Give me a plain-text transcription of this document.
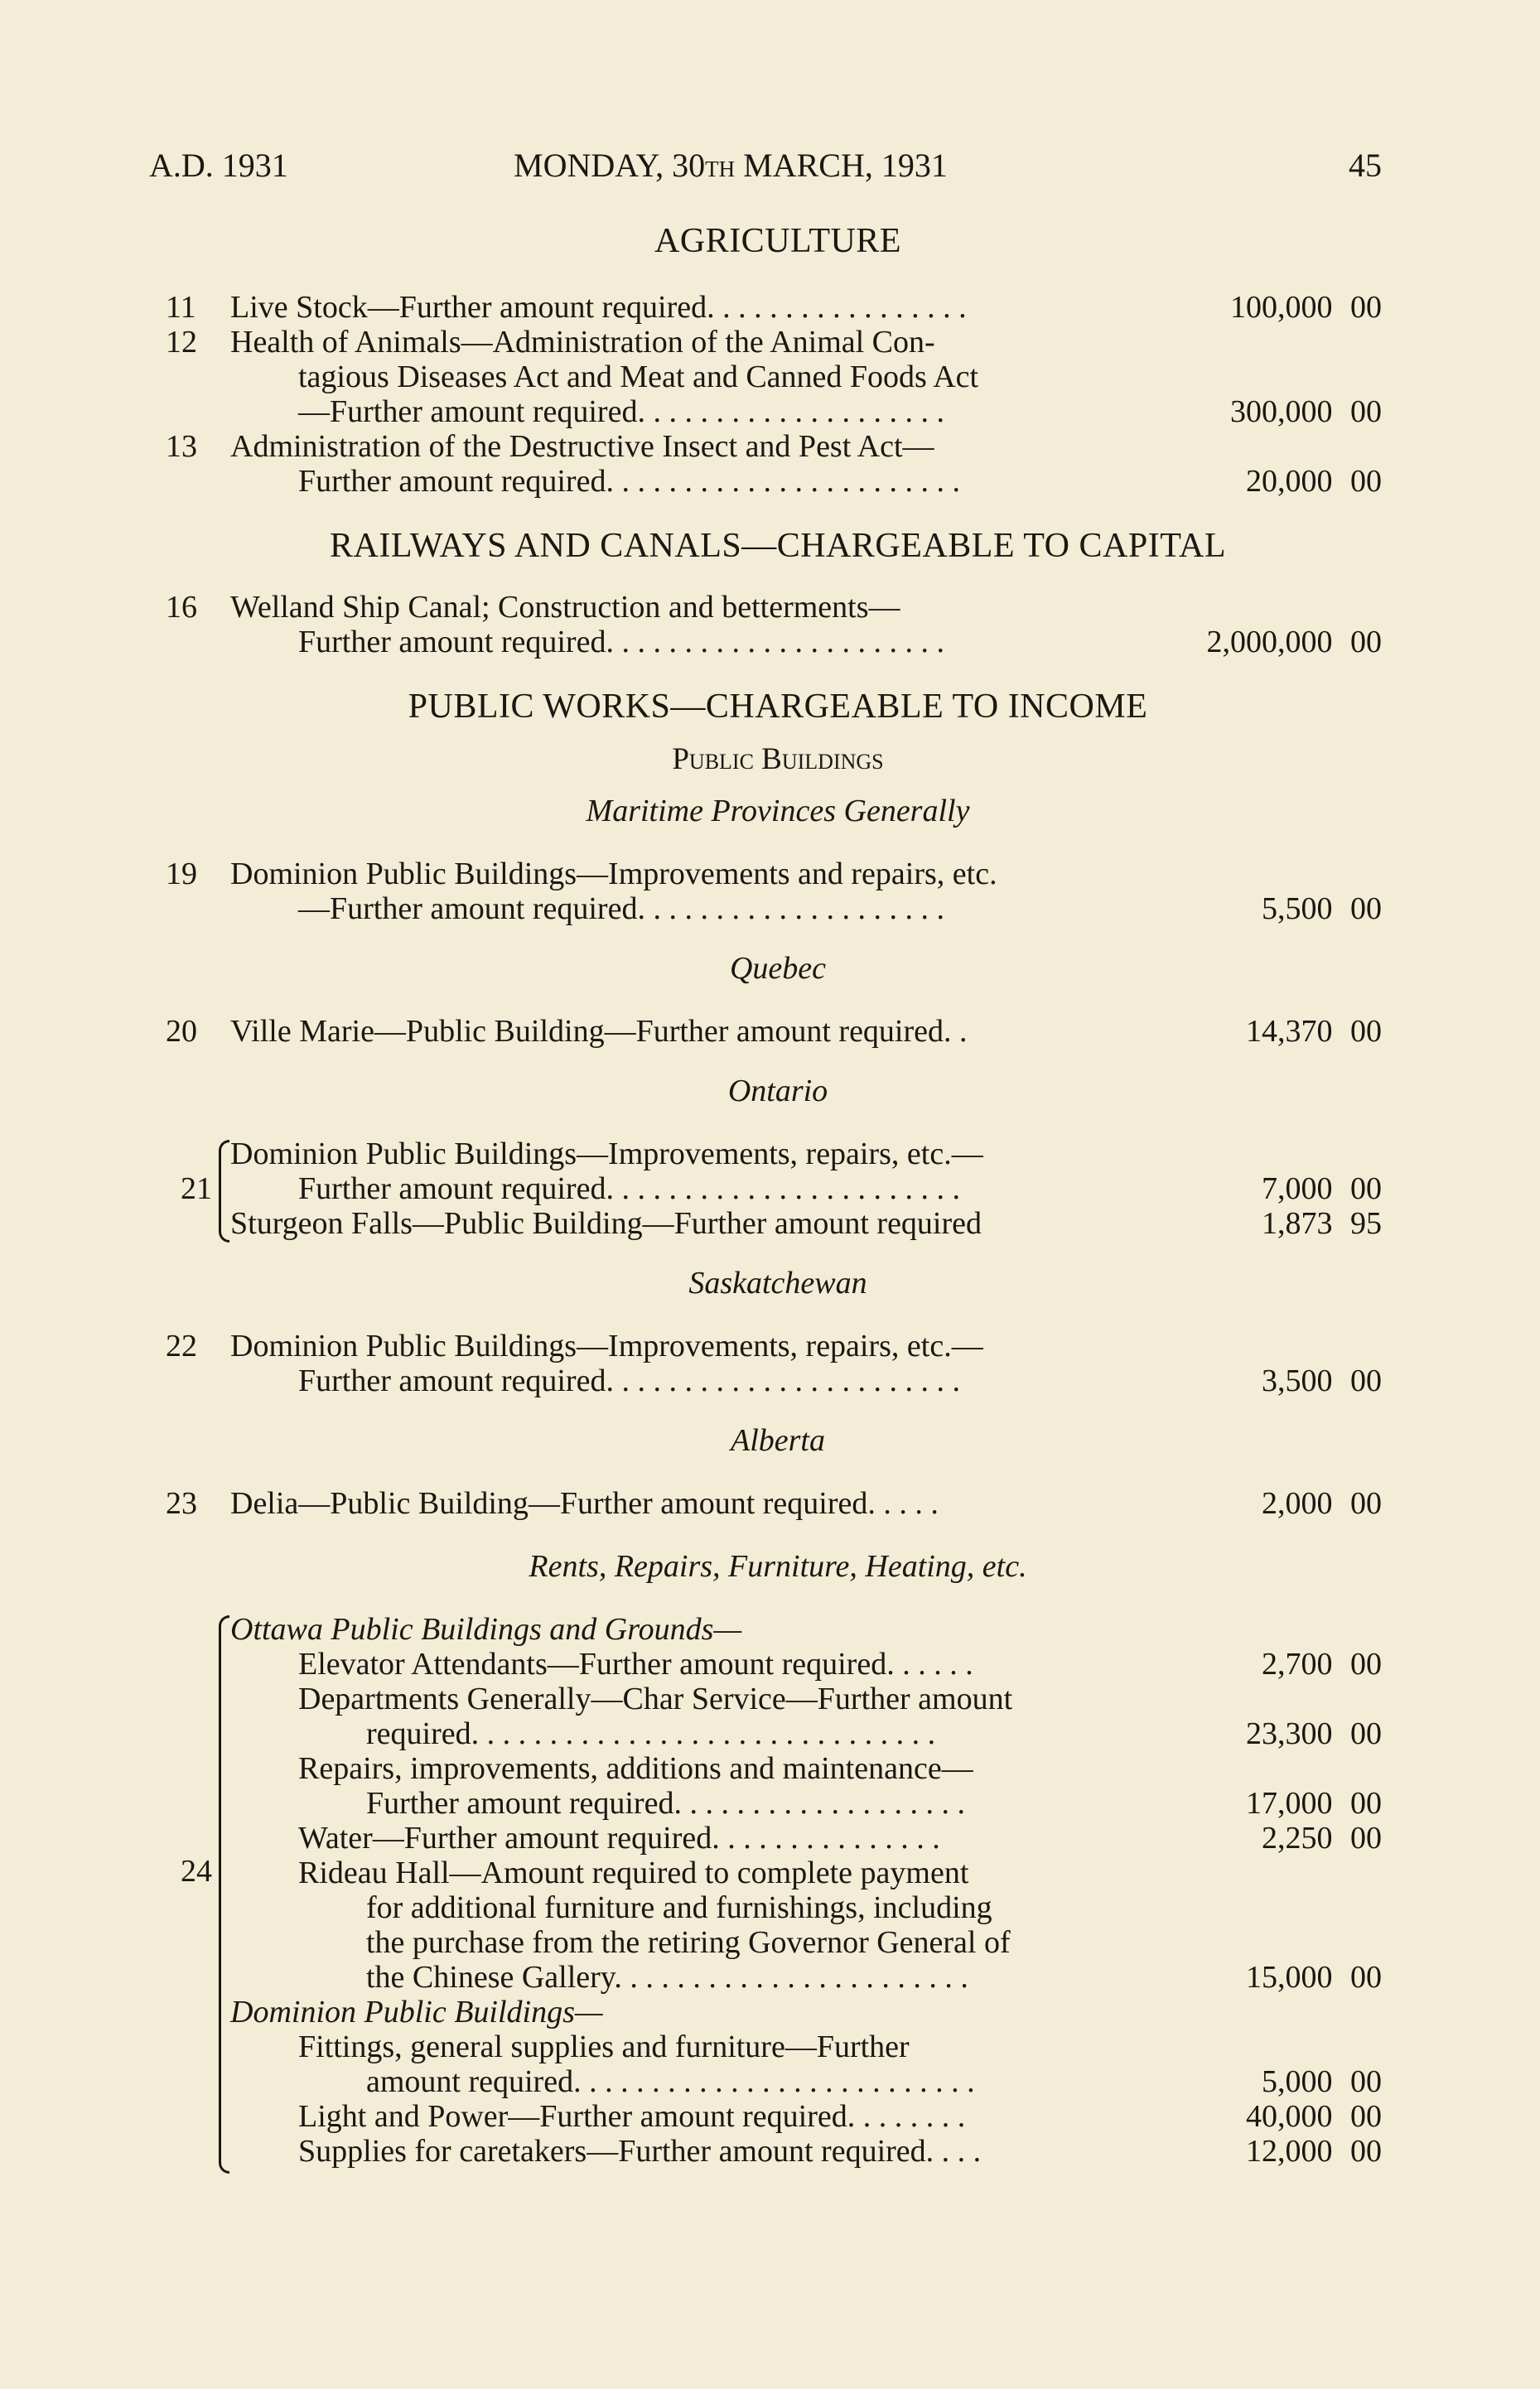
A.D. 1931	MONDAY, 30th MARCH, 1931	45
AGRICULTURE
11	Live Stock—Further amount required. . . . . . . . . . . . . . . . .	100,000 00
12	Health of Animals—Administration of the Animal Con-
tagious Diseases Act and Meat and Canned Foods Act
—Further amount required. . . . . . . . . . . . . . . . . . . .	300,000 00
13	Administration of the Destructive Insect and Pest Act—
Further amount required. . . . . . . . . . . . . . . . . . . . . . .	20,000 00
RAILWAYS AND CANALS—CHARGEABLE TO CAPITAL
16	Welland Ship Canal; Construction and betterments—
Further amount required. . . . . . . . . . . . . . . . . . . . . .	2,000,000 00
PUBLIC WORKS—CHARGEABLE TO INCOME
Public Buildings
Maritime Provinces Generally
19	Dominion Public Buildings—Improvements and repairs, etc.
—Further amount required. . . . . . . . . . . . . . . . . . . .	5,500 00
Quebec
20	Ville Marie—Public Building—Further amount required. .	14,370 00
Ontario
21
Dominion Public Buildings—Improvements, repairs, etc.—
Further amount required. . . . . . . . . . . . . . . . . . . . . . .	7,000 00
Sturgeon Falls—Public Building—Further amount required	1,873 95
Saskatchewan
22	Dominion Public Buildings—Improvements, repairs, etc.—
Further amount required. . . . . . . . . . . . . . . . . . . . . . .	3,500 00
Alberta
23	Delia—Public Building—Further amount required. . . . .	2,000 00
Rents, Repairs, Furniture, Heating, etc.
24
Ottawa Public Buildings and Grounds—
Elevator Attendants—Further amount required. . . . . .	2,700 00
Departments Generally—Char Service—Further amount
required. . . . . . . . . . . . . . . . . . . . . . . . . . . . . .	23,300 00
Repairs, improvements, additions and maintenance—
Further amount required. . . . . . . . . . . . . . . . . . .	17,000 00
Water—Further amount required. . . . . . . . . . . . . . .	2,250 00
Rideau Hall—Amount required to complete payment
for additional furniture and furnishings, including
the purchase from the retiring Governor General of
the Chinese Gallery. . . . . . . . . . . . . . . . . . . . . . .	15,000 00
Dominion Public Buildings—
Fittings, general supplies and furniture—Further
amount required. . . . . . . . . . . . . . . . . . . . . . . . . .	5,000 00
Light and Power—Further amount required. . . . . . . .	40,000 00
Supplies for caretakers—Further amount required. . . .	12,000 00
